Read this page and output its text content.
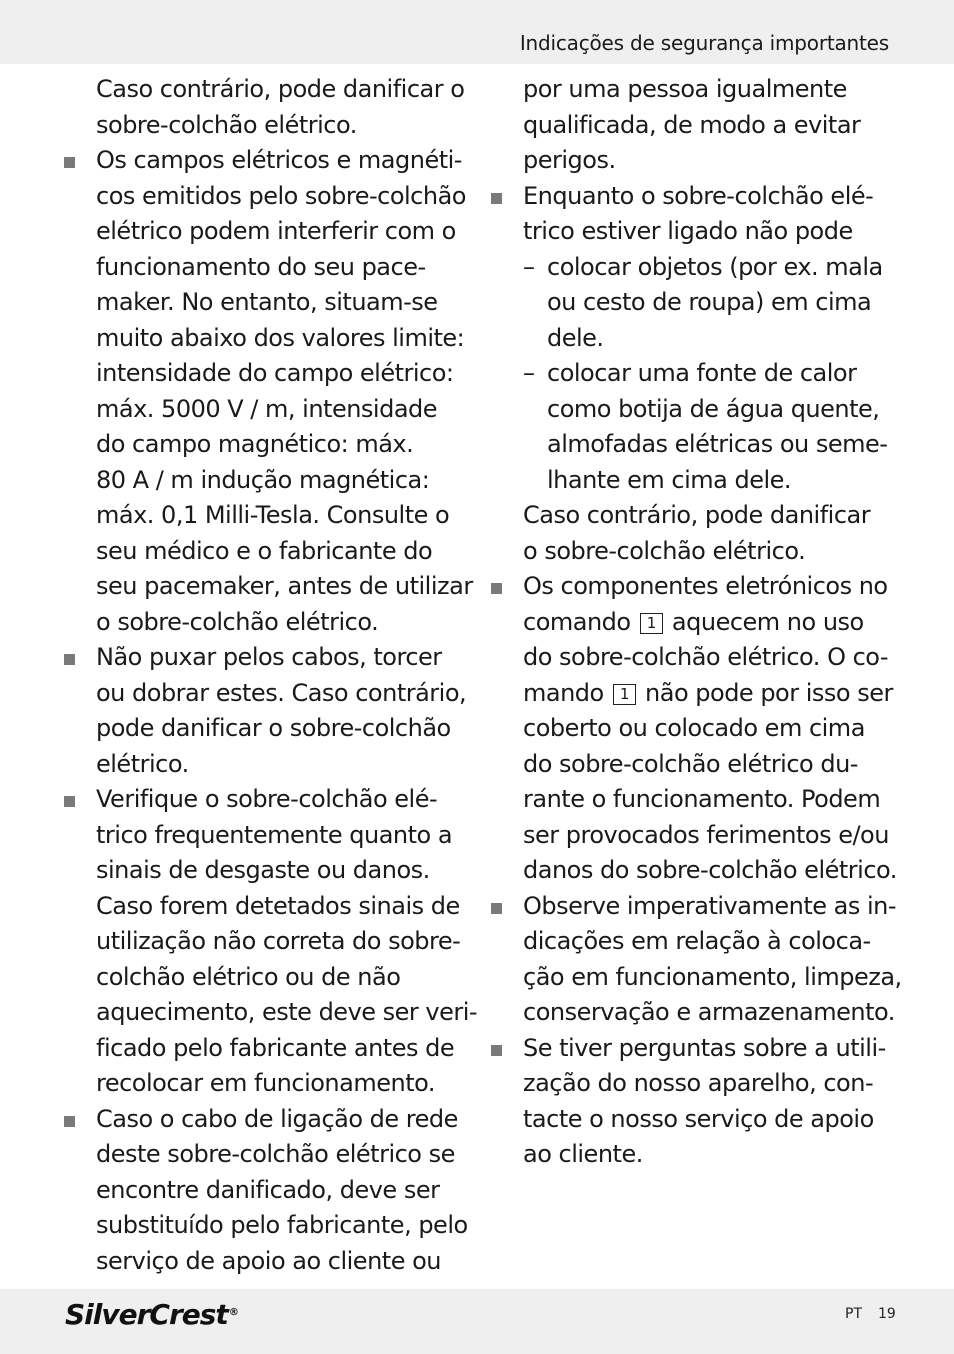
Indicações de segurança importantes
Caso contrário, pode danificar o
sobre-colchão elétrico.
Os campos elétricos e magnéti-
cos emitidos pelo sobre-colchão
elétrico podem interferir com o
funcionamento do seu pace-
maker. No entanto, situam-se
muito abaixo dos valores limite:
intensidade do campo elétrico:
máx. 5000 V / m, intensidade
do campo magnético: máx.
80 A / m indução magnética:
máx. 0,1 Milli-Tesla. Consulte o
seu médico e o fabricante do
seu pacemaker, antes de utilizar
o sobre-colchão elétrico.
Não puxar pelos cabos, torcer
ou dobrar estes. Caso contrário,
pode danificar o sobre-colchão
elétrico.
Verifique o sobre-colchão elé-
trico frequentemente quanto a
sinais de desgaste ou danos.
Caso forem detetados sinais de
utilização não correta do sobre-
colchão elétrico ou de não
aquecimento, este deve ser veri-
ficado pelo fabricante antes de
recolocar em funcionamento.
Caso o cabo de ligação de rede
deste sobre-colchão elétrico se
encontre danificado, deve ser
substituído pelo fabricante, pelo
serviço de apoio ao cliente ou
por uma pessoa igualmente
qualificada, de modo a evitar
perigos.
Enquanto o sobre-colchão elé-
trico estiver ligado não pode
– colocar objetos (por ex. mala
ou cesto de roupa) em cima
dele.
– colocar uma fonte de calor
como botija de água quente,
almofadas elétricas ou seme-
lhante em cima dele.
Caso contrário, pode danificar
o sobre-colchão elétrico.
Os componentes eletrónicos no
comando 1 aquecem no uso
do sobre-colchão elétrico. O co-
mando 1 não pode por isso ser
coberto ou colocado em cima
do sobre-colchão elétrico du-
rante o funcionamento. Podem
ser provocados ferimentos e/ou
danos do sobre-colchão elétrico.
Observe imperativamente as in-
dicações em relação à coloca-
ção em funcionamento, limpeza,
conservação e armazenamento.
Se tiver perguntas sobre a utili-
zação do nosso aparelho, con-
tacte o nosso serviço de apoio
ao cliente.
SilverCrest®	PT 19
